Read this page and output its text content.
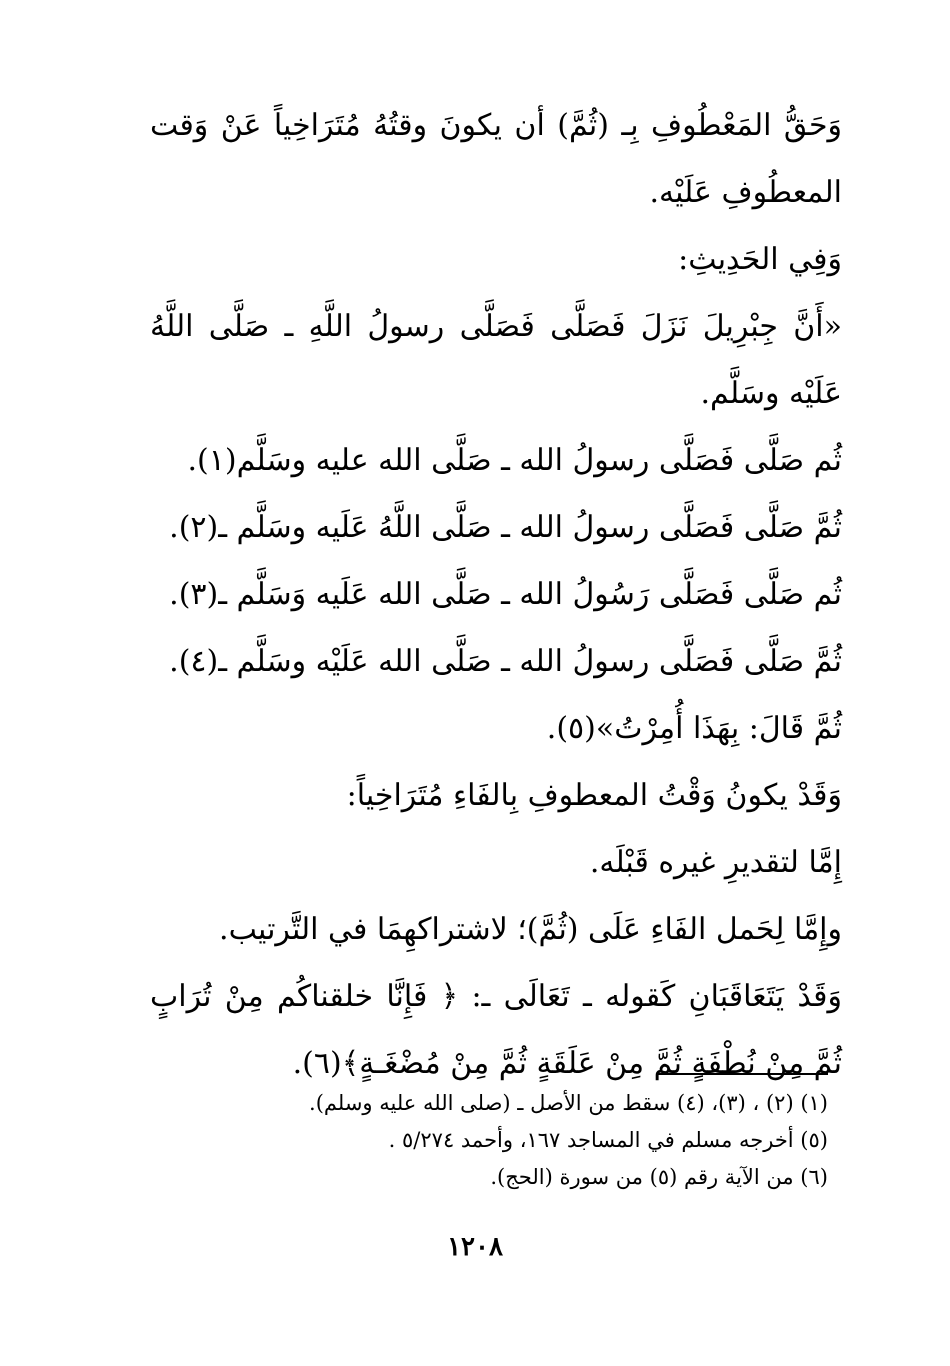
وَحَقُّ المَعْطُوفِ بِـ (ثُمَّ) أن يكونَ وقتُهُ مُتَرَاخِياً عَنْ وَقت المعطُوفِ عَلَيْه.

وَفِي الحَدِيثِ:

«أَنَّ جِبْرِيلَ نَزَلَ فَصَلَّى فَصَلَّى رسولُ اللَّهِ ـ صَلَّى اللَّهُ عَلَيْه وسَلَّم.

ثُم صَلَّى فَصَلَّى رسولُ الله ـ صَلَّى الله عليه وسَلَّم(١).

ثُمَّ صَلَّى فَصَلَّى رسولُ الله ـ صَلَّى اللَّهُ عَلَيه وسَلَّم ـ(٢).

ثُم صَلَّى فَصَلَّى رَسُولُ الله ـ صَلَّى الله عَلَيه وَسَلَّم ـ(٣).

ثُمَّ صَلَّى فَصَلَّى رسولُ الله ـ صَلَّى الله عَلَيْه وسَلَّم ـ(٤).

ثُمَّ قَالَ: بِهَذَا أُمِرْتُ»(٥).

وَقَدْ يكونُ وَقْتُ المعطوفِ بِالفَاءِ مُتَرَاخِياً:

إِمَّا لتقديرِ غيره قَبْلَه.

وإِمَّا لِحَمل الفَاءِ عَلَى (ثُمَّ)؛ لاشتراكهِمَا في التَّرتيب.

وَقَدْ يَتَعَاقَبَانِ كَقوله ـ تَعَالَى ـ: ﴿ فَإِنَّا خلقناكُم مِنْ تُرَابٍ ثُمَّ مِنْ نُطْفَةٍ ثُمَّ مِنْ عَلَقَةٍ ثُمَّ مِنْ مُضْغَـةٍ﴾(٦).

(١) (٢) ، (٣)، (٤) سقط من الأصل ـ (صلى الله عليه وسلم).

(٥) أخرجه مسلم في المساجد ١٦٧، وأحمد ٥/٢٧٤ .

(٦) من الآية رقم (٥) من سورة (الحج).

١٢٠٨
